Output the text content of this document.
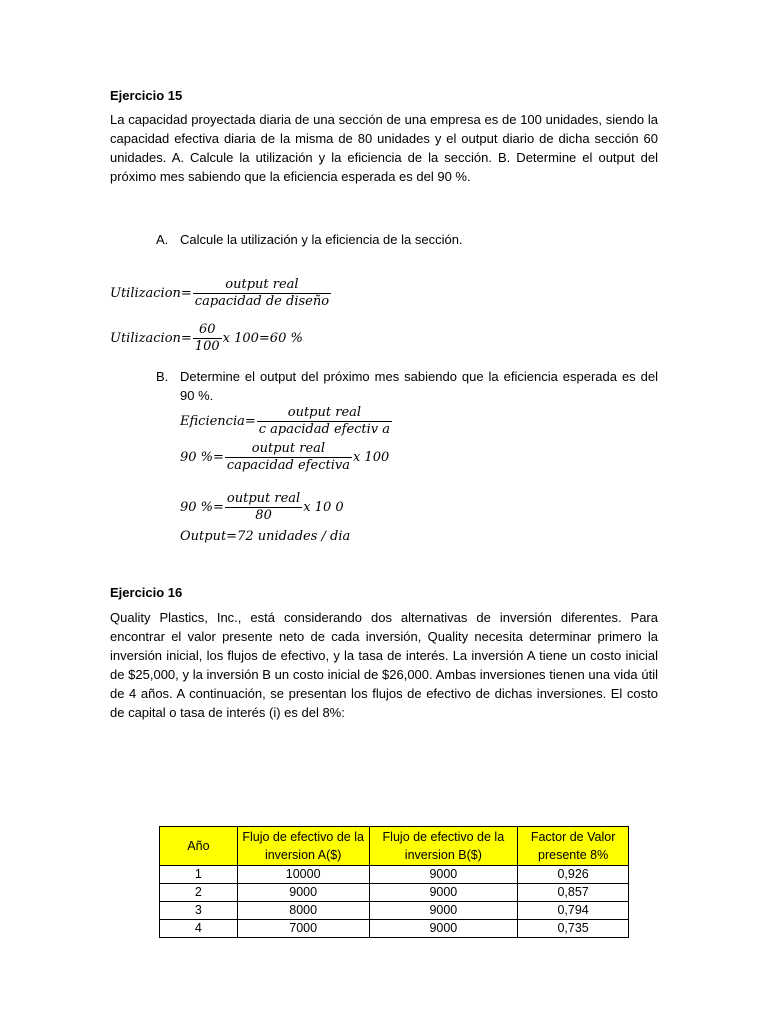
Ejercicio 15
La capacidad proyectada diaria de una sección de una empresa es de 100 unidades, siendo la capacidad efectiva diaria de la misma de 80 unidades y el output diario de dicha sección 60 unidades. A. Calcule la utilización y la eficiencia de la sección. B. Determine el output del próximo mes sabiendo que la eficiencia esperada es del 90 %.
A. Calcule la utilización y la eficiencia de la sección.
Utilizacion= $\frac{\text{output real}}{\text{capacidad de diseño}}$
Utilizacion= $\frac{60}{100}$ x 100=60 %
B. Determine el output del próximo mes sabiendo que la eficiencia esperada es del 90 %.
Eficiencia= $\frac{\text{output real}}{\text{c apacidad efectiv a}}$
90 %= $\frac{\text{output real}}{\text{capacidad efectiva}}$ x 100
90 %= $\frac{\text{output real}}{80}$ x 10 0
Output=72 unidades / dia
Ejercicio 16
Quality Plastics, Inc., está considerando dos alternativas de inversión diferentes. Para encontrar el valor presente neto de cada inversión, Quality necesita determinar primero la inversión inicial, los flujos de efectivo, y la tasa de interés. La inversión A tiene un costo inicial de $25,000, y la inversión B un costo inicial de $26,000. Ambas inversiones tienen una vida útil de 4 años. A continuación, se presentan los flujos de efectivo de dichas inversiones. El costo de capital o tasa de interés (i) es del 8%:
Año	Flujo de efectivo de la inversion A($)	Flujo de efectivo de la inversion B($)	Factor de Valor presente 8%
1	10000	9000	0,926
2	9000	9000	0,857
3	8000	9000	0,794
4	7000	9000	0,735
